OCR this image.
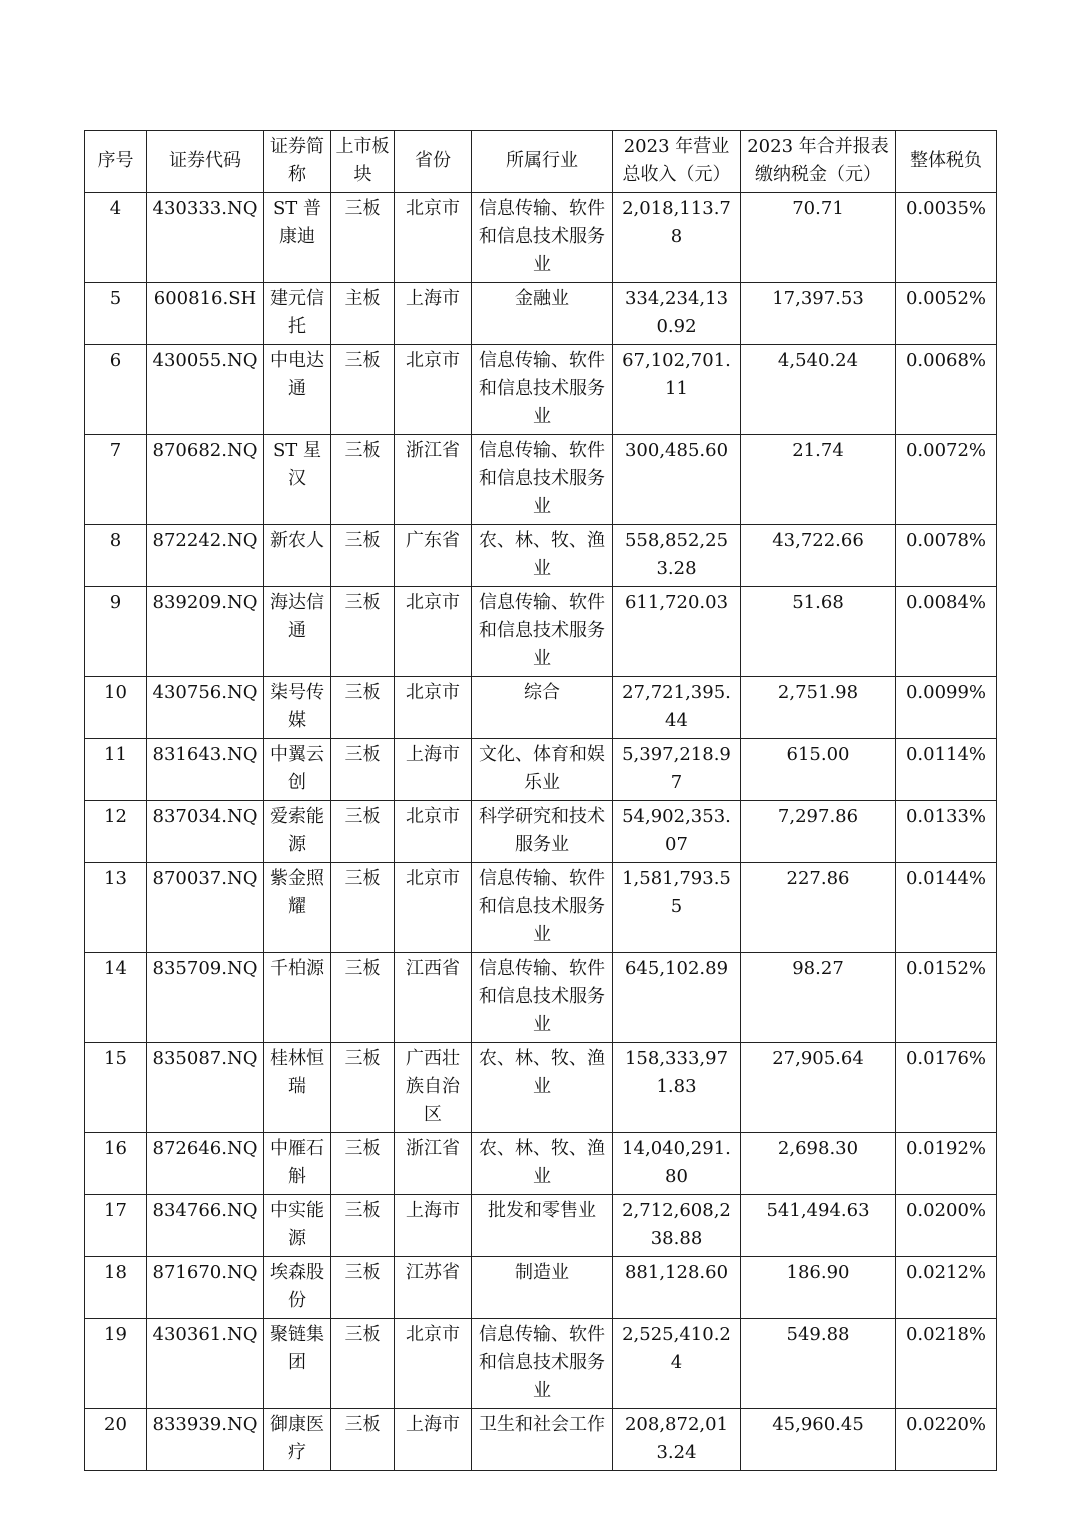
序号	证券代码	证券简称	上市板块	省份	所属行业	2023 年营业总收入（元）	2023 年合并报表缴纳税金（元）	整体税负
4	430333.NQ	ST 普康迪	三板	北京市	信息传输、软件和信息技术服务业	2,018,113.78	70.71	0.0035%
5	600816.SH	建元信托	主板	上海市	金融业	334,234,130.92	17,397.53	0.0052%
6	430055.NQ	中电达通	三板	北京市	信息传输、软件和信息技术服务业	67,102,701.11	4,540.24	0.0068%
7	870682.NQ	ST 星汉	三板	浙江省	信息传输、软件和信息技术服务业	300,485.60	21.74	0.0072%
8	872242.NQ	新农人	三板	广东省	农、林、牧、渔业	558,852,253.28	43,722.66	0.0078%
9	839209.NQ	海达信通	三板	北京市	信息传输、软件和信息技术服务业	611,720.03	51.68	0.0084%
10	430756.NQ	柒号传媒	三板	北京市	综合	27,721,395.44	2,751.98	0.0099%
11	831643.NQ	中翼云创	三板	上海市	文化、体育和娱乐业	5,397,218.97	615.00	0.0114%
12	837034.NQ	爱索能源	三板	北京市	科学研究和技术服务业	54,902,353.07	7,297.86	0.0133%
13	870037.NQ	紫金照耀	三板	北京市	信息传输、软件和信息技术服务业	1,581,793.55	227.86	0.0144%
14	835709.NQ	千柏源	三板	江西省	信息传输、软件和信息技术服务业	645,102.89	98.27	0.0152%
15	835087.NQ	桂林恒瑞	三板	广西壮族自治区	农、林、牧、渔业	158,333,971.83	27,905.64	0.0176%
16	872646.NQ	中雁石斛	三板	浙江省	农、林、牧、渔业	14,040,291.80	2,698.30	0.0192%
17	834766.NQ	中实能源	三板	上海市	批发和零售业	2,712,608,238.88	541,494.63	0.0200%
18	871670.NQ	埃森股份	三板	江苏省	制造业	881,128.60	186.90	0.0212%
19	430361.NQ	聚链集团	三板	北京市	信息传输、软件和信息技术服务业	2,525,410.24	549.88	0.0218%
20	833939.NQ	御康医疗	三板	上海市	卫生和社会工作	208,872,013.24	45,960.45	0.0220%
